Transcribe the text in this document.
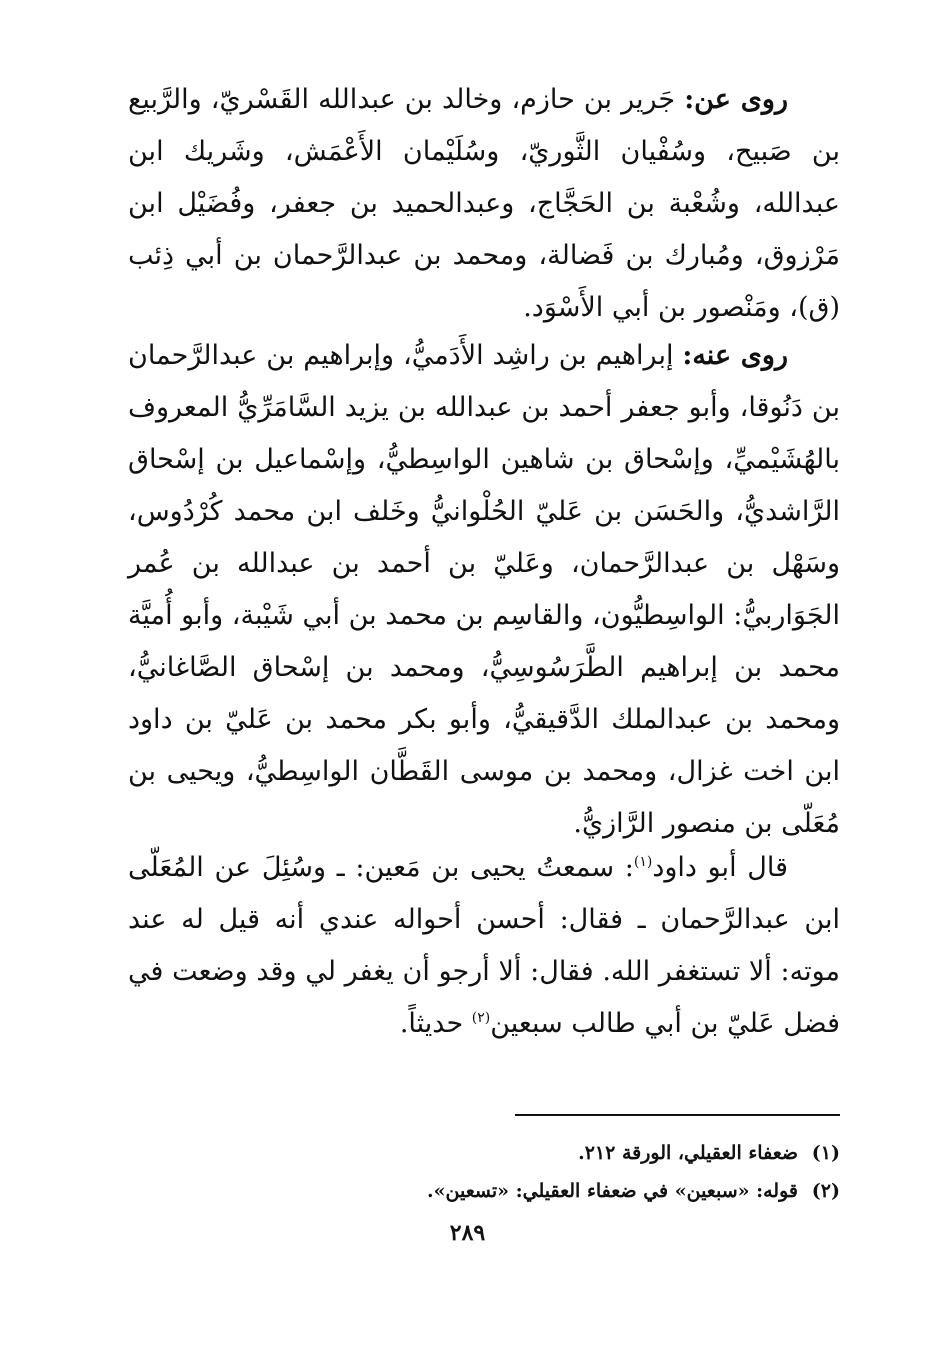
روى عن: جَرير بن حازم، وخالد بن عبدالله القَسْريّ، والرَّبيع بن صَبيح، وسُفْيان الثَّوريّ، وسُلَيْمان الأَعْمَش، وشَريك ابن عبدالله، وشُعْبة بن الحَجَّاج، وعبدالحميد بن جعفر، وفُضَيْل ابن مَرْزوق، ومُبارك بن فَضالة، ومحمد بن عبدالرَّحمان بن أبي ذِئب (ق)، ومَنْصور بن أبي الأَسْوَد.

روى عنه: إبراهيم بن راشِد الأَدَميُّ، وإبراهيم بن عبدالرَّحمان بن دَنُوقا، وأبو جعفر أحمد بن عبدالله بن يزيد السَّامَرِّيُّ المعروف بالهُشَيْميِّ، وإسْحاق بن شاهين الواسِطيُّ، وإسْماعيل بن إسْحاق الرَّاشديُّ، والحَسَن بن عَليّ الحُلْوانيُّ وخَلف ابن محمد كُرْدُوس، وسَهْل بن عبدالرَّحمان، وعَليّ بن أحمد بن عبدالله بن عُمر الجَوَاربيُّ: الواسِطيُّون، والقاسِم بن محمد بن أبي شَيْبة، وأبو أُميَّة محمد بن إبراهيم الطَّرَسُوسِيُّ، ومحمد بن إسْحاق الصَّاغانيُّ، ومحمد بن عبدالملك الدَّقيقيُّ، وأبو بكر محمد بن عَليّ بن داود ابن اخت غزال، ومحمد بن موسى القَطَّان الواسِطيُّ، ويحيى بن مُعَلّى بن منصور الرَّازيُّ.

قال أبو داود$^{(١)}$: سمعتُ يحيى بن مَعين: ـ وسُئِلَ عن المُعَلّى ابن عبدالرَّحمان ـ فقال: أحسن أحواله عندي أنه قيل له عند موته: ألا تستغفر الله. فقال: ألا أرجو أن يغفر لي وقد وضعت في فضل عَليّ بن أبي طالب سبعين$^{(٢)}$ حديثاً.

(١)ضعفاء العقيلي، الورقة ٢١٢.

(٢)قوله: «سبعين» في ضعفاء العقيلي: «تسعين».

٢٨٩
